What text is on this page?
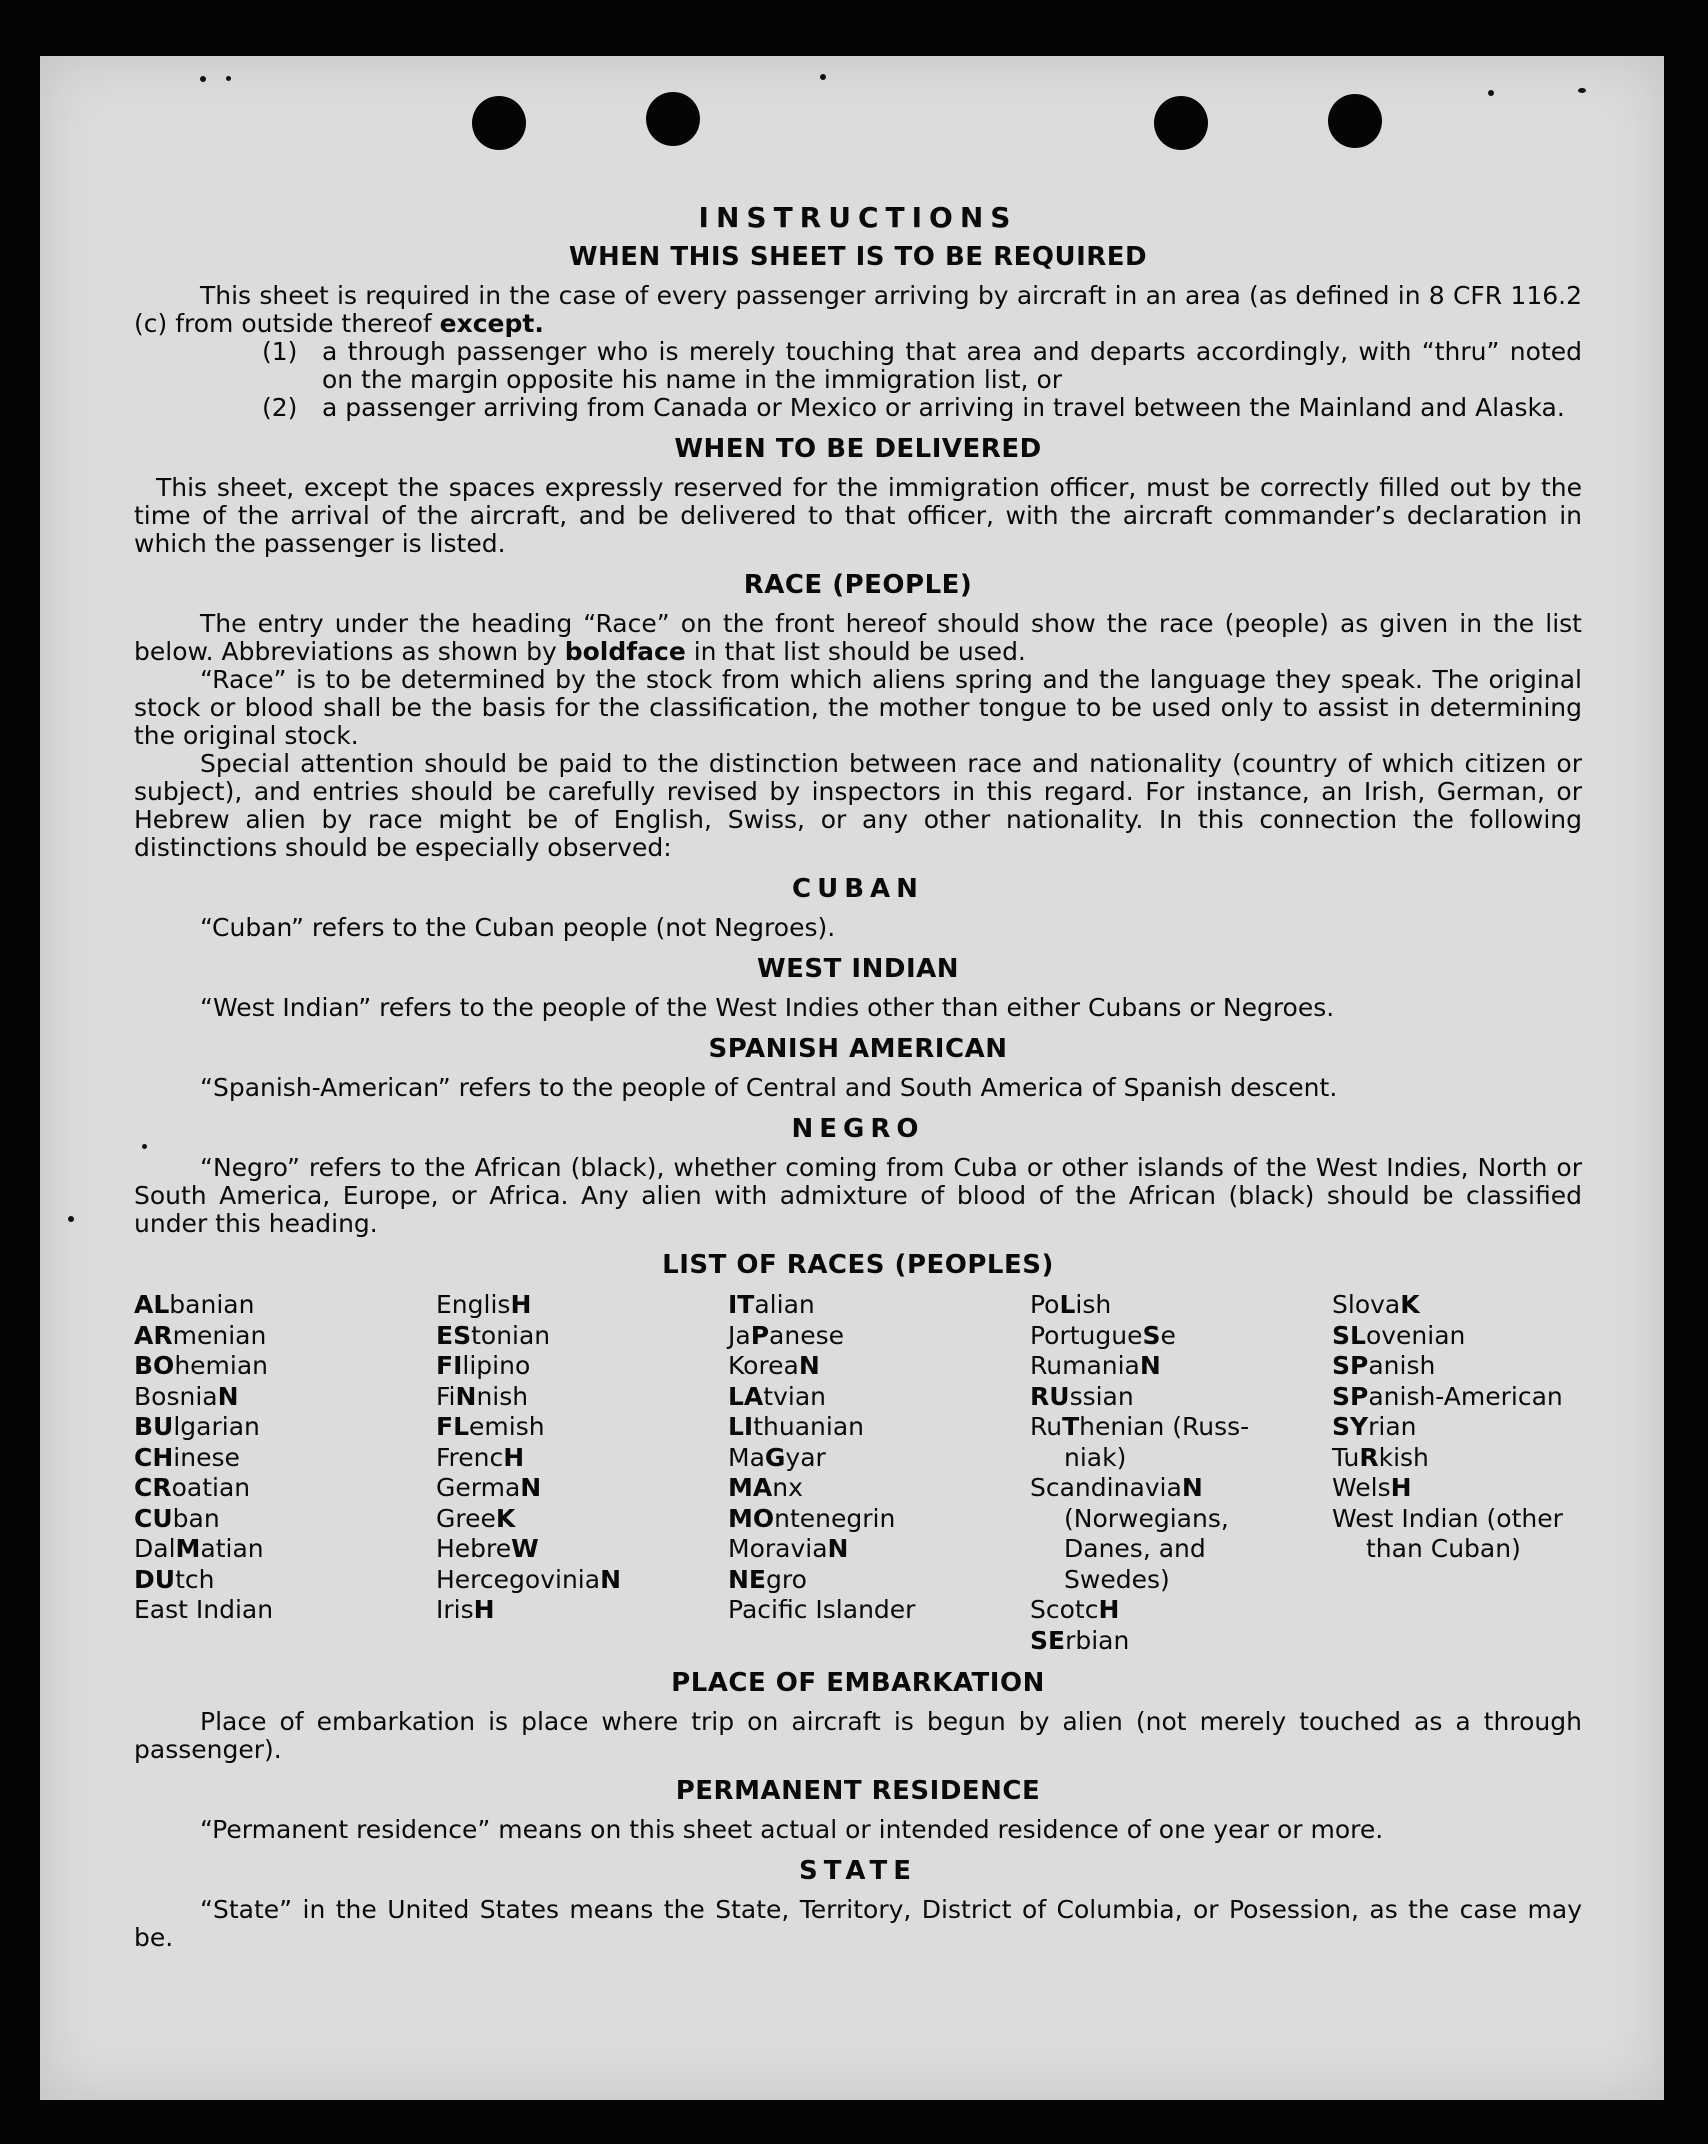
INSTRUCTIONS
WHEN THIS SHEET IS TO BE REQUIRED

This sheet is required in the case of every passenger arriving by aircraft in an area (as defined in 8 CFR 116.2 (c) from outside thereof except.

(1) a through passenger who is merely touching that area and departs accordingly, with “thru” noted on the margin opposite his name in the immigration list, or
(2) a passenger arriving from Canada or Mexico or arriving in travel between the Mainland and Alaska.
WHEN TO BE DELIVERED

This sheet, except the spaces expressly reserved for the immigration officer, must be correctly filled out by the time of the arrival of the aircraft, and be delivered to that officer, with the aircraft commander’s declaration in which the passenger is listed.

RACE (PEOPLE)

The entry under the heading “Race” on the front hereof should show the race (people) as given in the list below. Abbreviations as shown by boldface in that list should be used.

“Race” is to be determined by the stock from which aliens spring and the language they speak. The original stock or blood shall be the basis for the classification, the mother tongue to be used only to assist in determining the original stock.

Special attention should be paid to the distinction between race and nationality (country of which citizen or subject), and entries should be carefully revised by inspectors in this regard. For instance, an Irish, German, or Hebrew alien by race might be of English, Swiss, or any other nationality. In this connection the following distinctions should be especially observed:

CUBAN

“Cuban” refers to the Cuban people (not Negroes).

WEST INDIAN

“West Indian” refers to the people of the West Indies other than either Cubans or Negroes.

SPANISH AMERICAN

“Spanish-American” refers to the people of Central and South America of Spanish descent.

NEGRO

“Negro” refers to the African (black), whether coming from Cuba or other islands of the West Indies, North or South America, Europe, or Africa. Any alien with admixture of blood of the African (black) should be classified under this heading.

LIST OF RACES (PEOPLES)
ALbanian
ARmenian
BOhemian
BosniaN
BUlgarian
CHinese
CRoatian
CUban
DalMatian
DUtch
East Indian
EnglisH
EStonian
FIlipino
FiNnish
FLemish
FrencH
GermaN
GreeK
HebreW
HercegoviniaN
IrisH
ITalian
JaPanese
KoreaN
LAtvian
LIthuanian
MaGyar
MAnx
MOntenegrin
MoraviaN
NEgro
Pacific Islander
PoLish
PortugueSe
RumaniaN
RUssian
RuThenian (Russ-
niak)
ScandinaviaN
(Norwegians,
Danes, and
Swedes)
ScotcH
SErbian
SlovaK
SLovenian
SPanish
SPanish-American
SYrian
TuRkish
WelsH
West Indian (other
than Cuban)
PLACE OF EMBARKATION

Place of embarkation is place where trip on aircraft is begun by alien (not merely touched as a through passenger).

PERMANENT RESIDENCE

“Permanent residence” means on this sheet actual or intended residence of one year or more.

STATE

“State” in the United States means the State, Territory, District of Columbia, or Posession, as the case may be.
